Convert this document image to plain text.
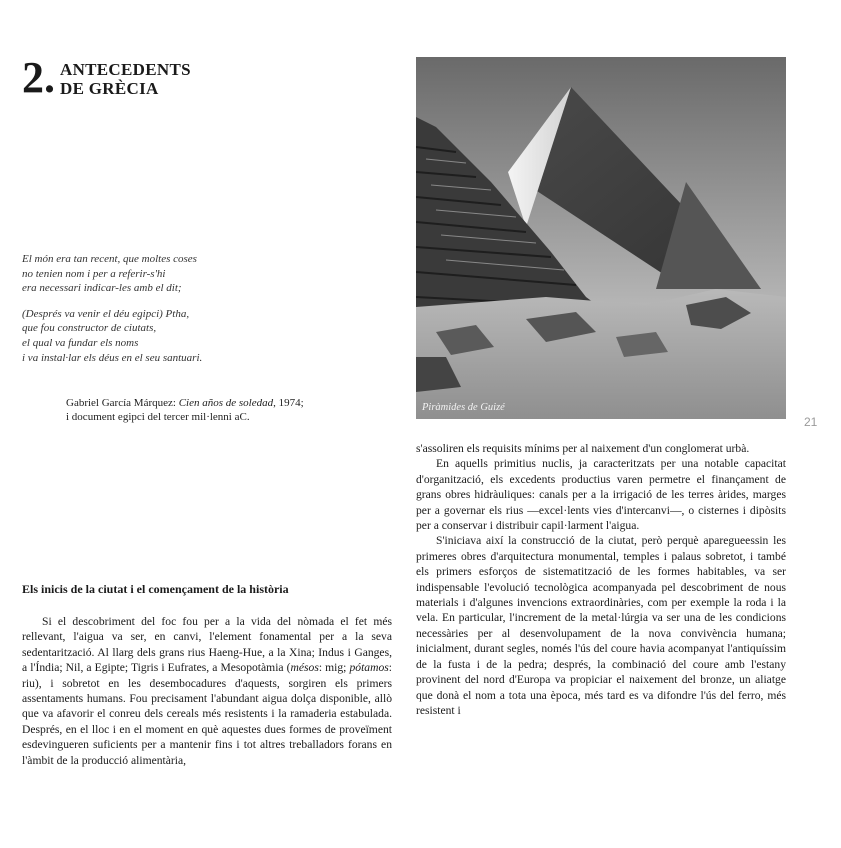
2. ANTECEDENTS
DE GRÈCIA
El món era tan recent, que moltes coses
no tenien nom i per a referir-s'hi
era necessari indicar-les amb el dit;
(Després va venir el déu egipci) Ptha,
que fou constructor de ciutats,
el qual va fundar els noms
i va instal·lar els déus en el seu santuari.
Gabriel García Márquez: Cien años de soledad, 1974;
i document egipci del tercer mil·lenni aC.
Piràmides de Guizé
21
Els inicis de la ciutat i el començament de la història

Si el descobriment del foc fou per a la vida del nòmada el fet més rellevant, l'aigua va ser, en canvi, l'element fonamental per a la seva sedentarització. Al llarg dels grans rius Haeng-Hue, a la Xina; Indus i Ganges, a l'Índia; Nil, a Egipte; Tigris i Eufrates, a Mesopotàmia (mésos: mig; pótamos: riu), i sobretot en les desembocadures d'aquests, sorgiren els primers assentaments humans. Fou precisament l'abundant aigua dolça disponible, allò que va afavorir el conreu dels cereals més resistents i la ramaderia estabulada. Després, en el lloc i en el moment en què aquestes dues formes de proveïment esdevingueren suficients per a mantenir fins i tot altres treballadors forans en l'àmbit de la producció alimentària,

s'assoliren els requisits mínims per al naixement d'un conglomerat urbà.

En aquells primitius nuclis, ja caracteritzats per una notable capacitat d'organització, els excedents productius varen permetre el finançament de grans obres hidràuliques: canals per a la irrigació de les terres àrides, marges per a governar els rius —excel·lents vies d'intercanvi—, o cisternes i dipòsits per a conservar i distribuir capil·larment l'aigua.

S'iniciava així la construcció de la ciutat, però perquè aparegueessin les primeres obres d'arquitectura monumental, temples i palaus sobretot, i també els primers esforços de sistematització de les formes habitables, va ser indispensable l'evolució tecnològica acompanyada pel descobriment de nous materials i d'algunes invencions extraordinàries, com per exemple la roda i la vela. En particular, l'increment de la metal·lúrgia va ser una de les condicions necessàries per al desenvolupament de la nova convivència humana; inicialment, durant segles, només l'ús del coure havia acompanyat l'antiquíssim de la fusta i de la pedra; després, la combinació del coure amb l'estany provinent del nord d'Europa va propiciar el naixement del bronze, un aliatge que donà el nom a tota una època, més tard es va difondre l'ús del ferro, més resistent i
